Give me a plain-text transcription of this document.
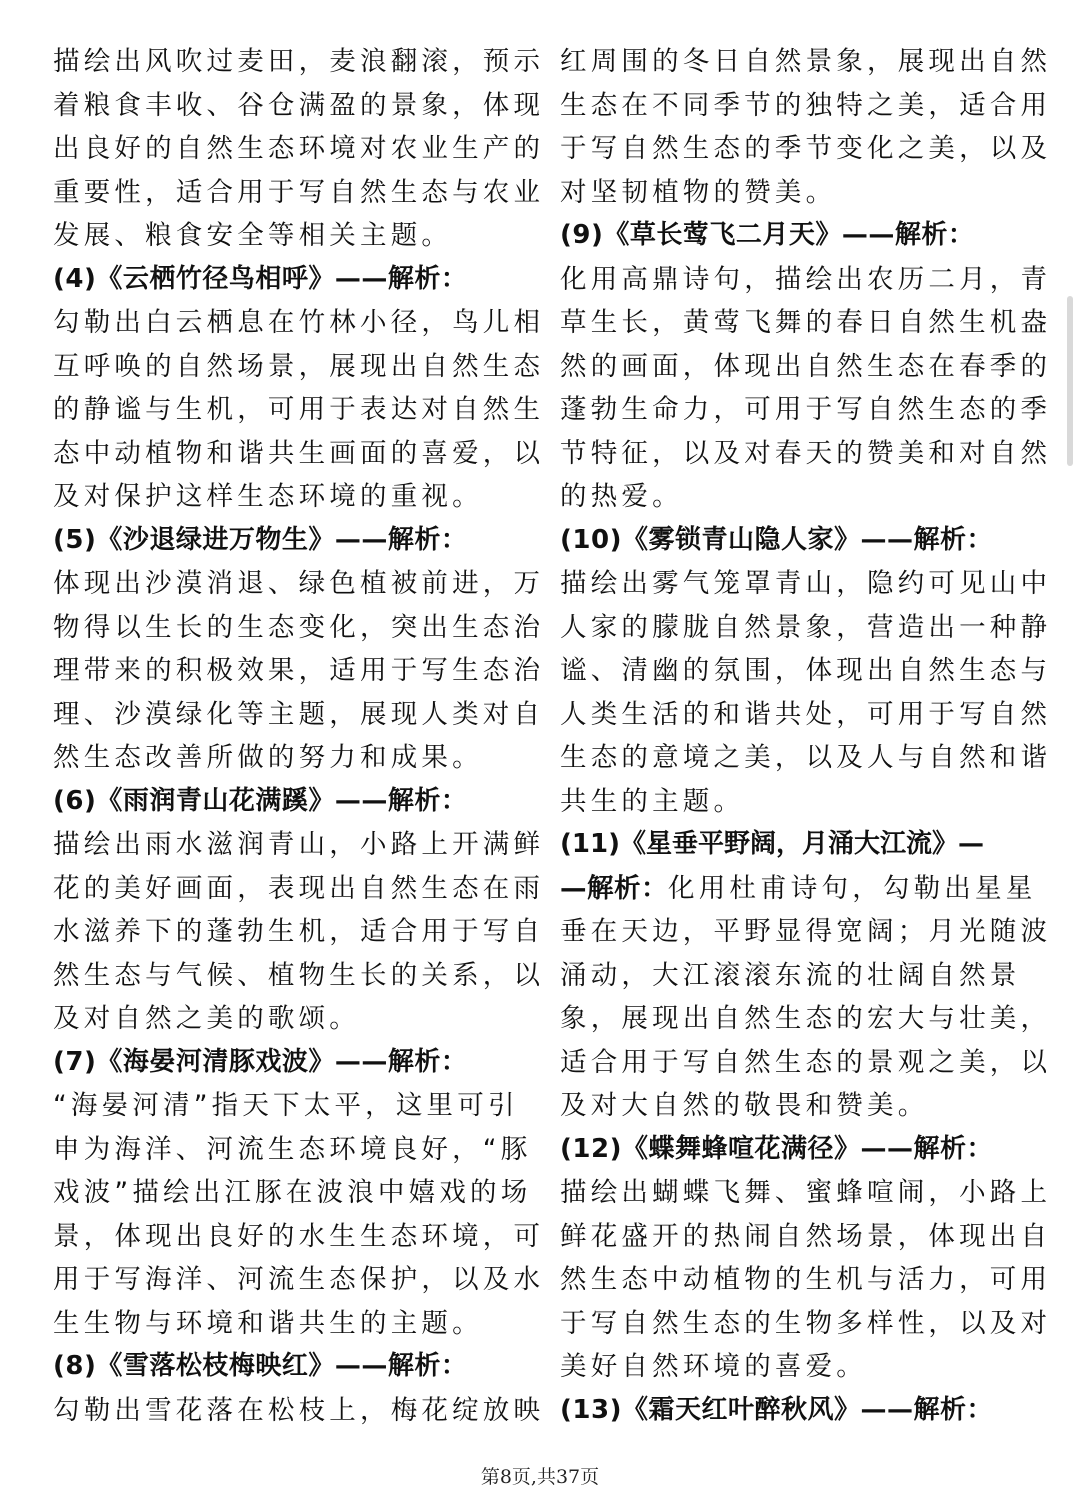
描绘出风吹过麦田，麦浪翻滚，预示
着粮食丰收、谷仓满盈的景象，体现
出良好的自然生态环境对农业生产的
重要性，适合用于写自然生态与农业
发展、粮食安全等相关主题。
(4)《云栖竹径鸟相呼》——解析：
勾勒出白云栖息在竹林小径，鸟儿相
互呼唤的自然场景，展现出自然生态
的静谧与生机，可用于表达对自然生
态中动植物和谐共生画面的喜爱，以
及对保护这样生态环境的重视。
(5)《沙退绿进万物生》——解析：
体现出沙漠消退、绿色植被前进，万
物得以生长的生态变化，突出生态治
理带来的积极效果，适用于写生态治
理、沙漠绿化等主题，展现人类对自
然生态改善所做的努力和成果。
(6)《雨润青山花满蹊》——解析：
描绘出雨水滋润青山，小路上开满鲜
花的美好画面，表现出自然生态在雨
水滋养下的蓬勃生机，适合用于写自
然生态与气候、植物生长的关系，以
及对自然之美的歌颂。
(7)《海晏河清豚戏波》——解析：
“海晏河清”指天下太平，这里可引
申为海洋、河流生态环境良好，“豚
戏波”描绘出江豚在波浪中嬉戏的场
景，体现出良好的水生生态环境，可
用于写海洋、河流生态保护，以及水
生生物与环境和谐共生的主题。
(8)《雪落松枝梅映红》——解析：
勾勒出雪花落在松枝上，梅花绽放映
红周围的冬日自然景象，展现出自然
生态在不同季节的独特之美，适合用
于写自然生态的季节变化之美，以及
对坚韧植物的赞美。
(9)《草长莺飞二月天》——解析：
化用高鼎诗句，描绘出农历二月，青
草生长，黄莺飞舞的春日自然生机盎
然的画面，体现出自然生态在春季的
蓬勃生命力，可用于写自然生态的季
节特征，以及对春天的赞美和对自然
的热爱。
(10)《雾锁青山隐人家》——解析：
描绘出雾气笼罩青山，隐约可见山中
人家的朦胧自然景象，营造出一种静
谧、清幽的氛围，体现出自然生态与
人类生活的和谐共处，可用于写自然
生态的意境之美，以及人与自然和谐
共生的主题。
(11)《星垂平野阔，月涌大江流》—
—解析：化用杜甫诗句，勾勒出星星
垂在天边，平野显得宽阔；月光随波
涌动，大江滚滚东流的壮阔自然景
象，展现出自然生态的宏大与壮美，
适合用于写自然生态的景观之美，以
及对大自然的敬畏和赞美。
(12)《蝶舞蜂喧花满径》——解析：
描绘出蝴蝶飞舞、蜜蜂喧闹，小路上
鲜花盛开的热闹自然场景，体现出自
然生态中动植物的生机与活力，可用
于写自然生态的生物多样性，以及对
美好自然环境的喜爱。
(13)《霜天红叶醉秋风》——解析：
第8页,共37页
